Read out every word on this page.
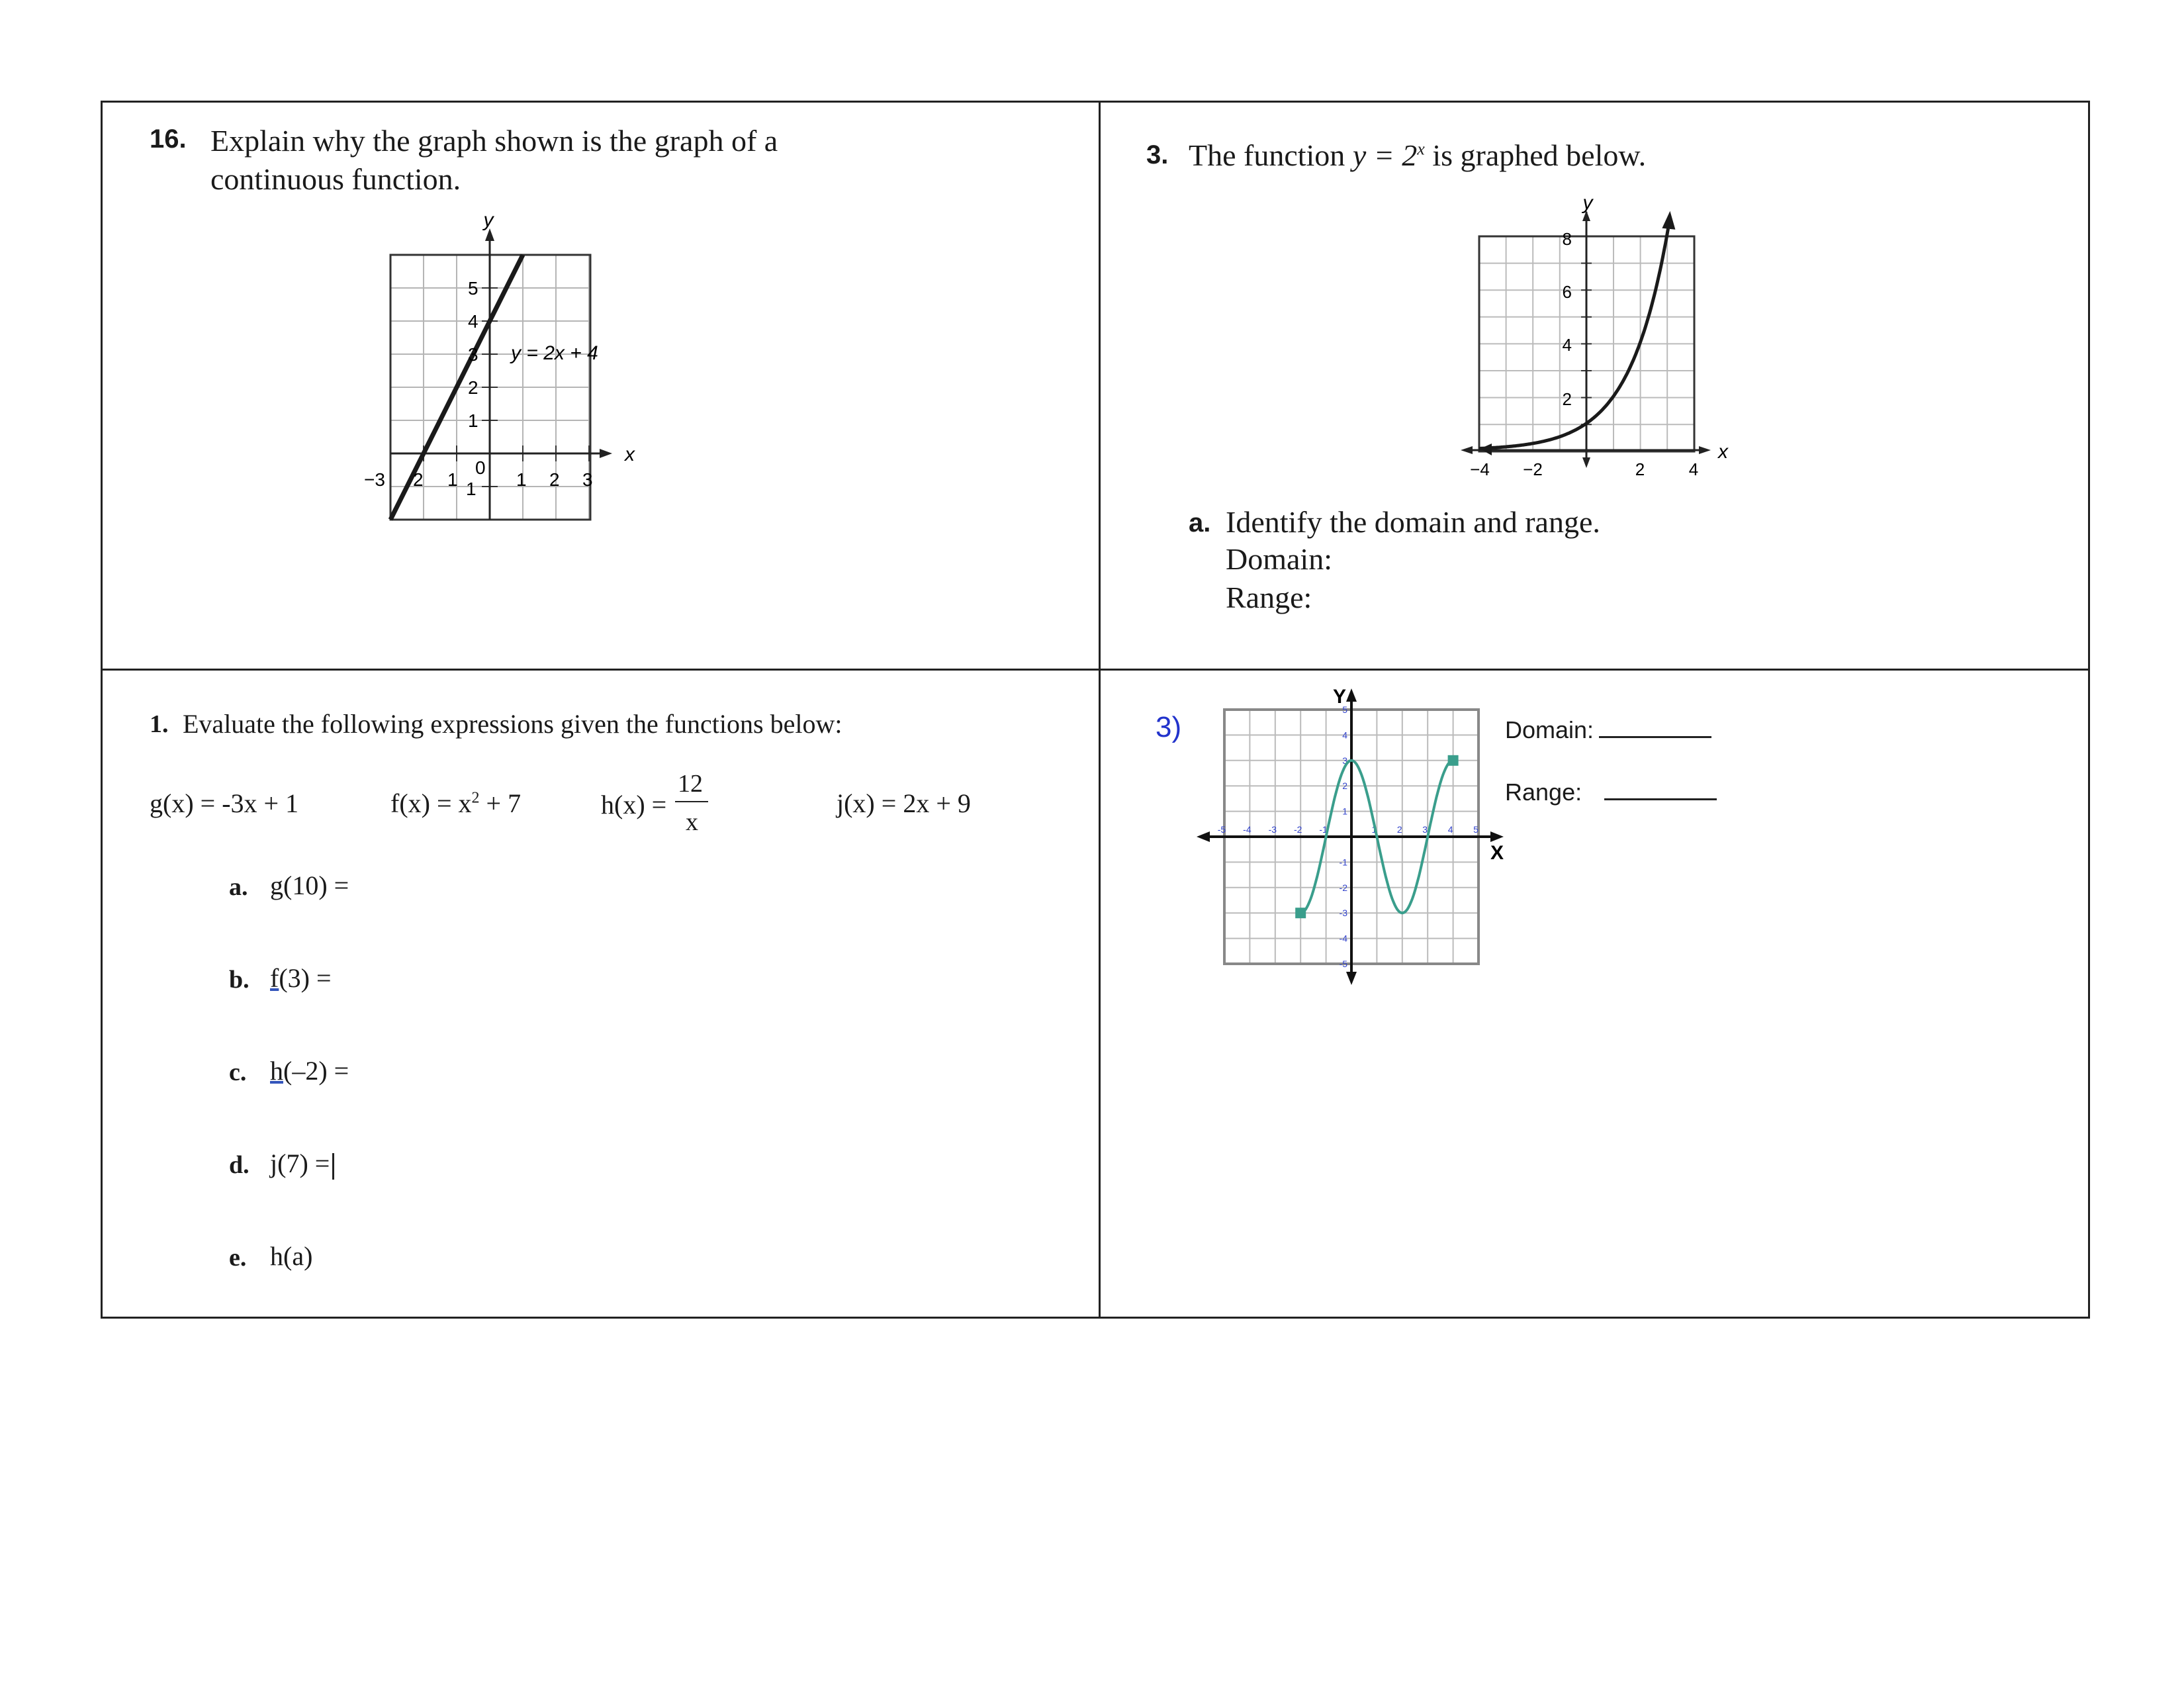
16. Explain why the graph shown is the graph of a
continuous function.
y
x
y = 2x + 4
5
4
3
2
1
1
−3 2 1	1 2 3
0
3. The function $y = 2^x$ is graphed below.
y
x
2
4
6
8
−4 −2	2	4
a. Identify the domain and range.
Domain:
Range:
1. Evaluate the following expressions given the functions below:
g(x) = -3x + 1	$f(x) = x^2 + 7$	h(x) =
12
x
j(x) = 2x + 9
a. g(10) =
b. f(3) =
c. h(–2) =
d. j(7) =
e. h(a)
3)
Y
X
-5 -4 -3 -2 -1	1 2 3 4 5
5
4
3
2
1
-1
-2
-3
-4
-5
Domain:
Range:
